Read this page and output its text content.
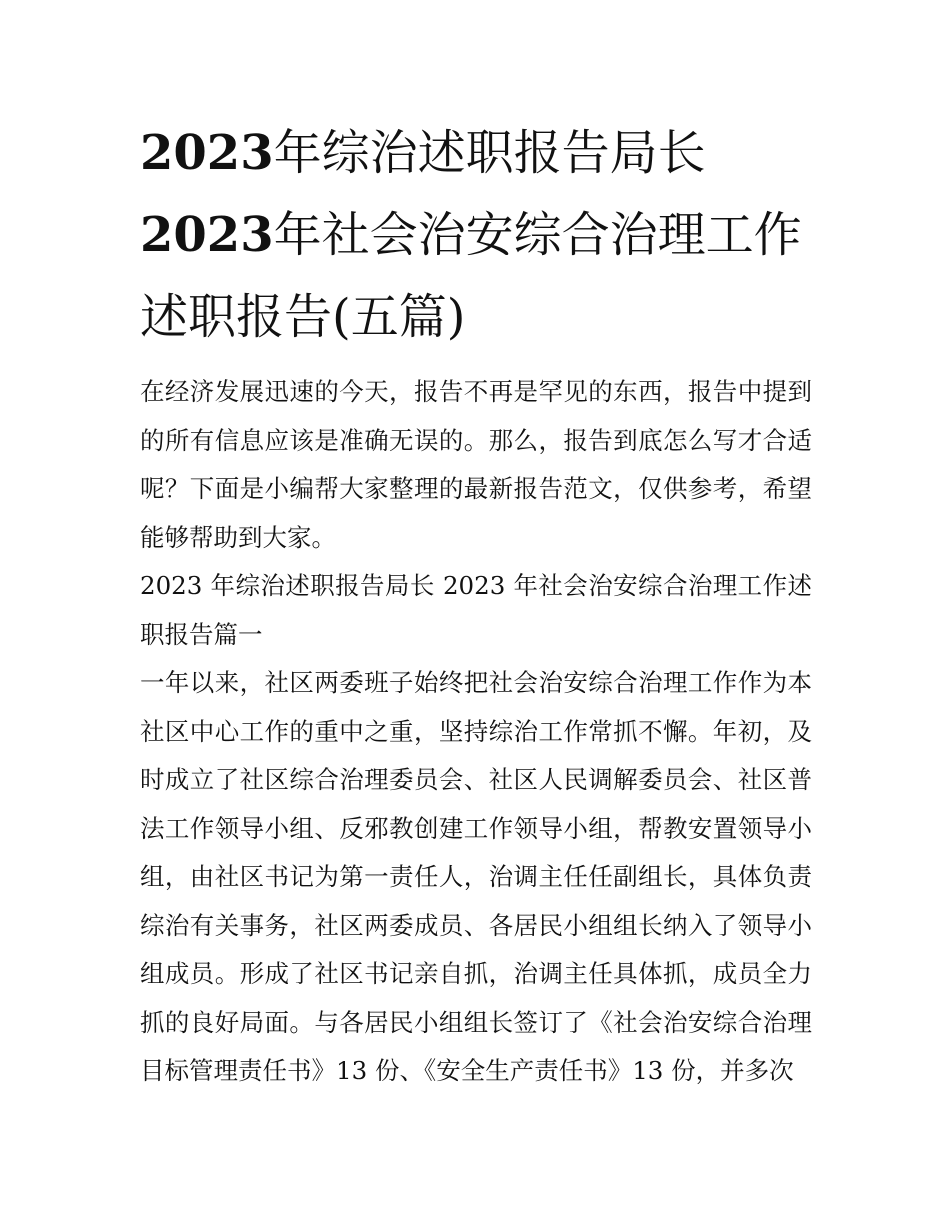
2023年综治述职报告局长
2023年社会治安综合治理工作
述职报告(五篇)

在经济发展迅速的今天，报告不再是罕见的东西，报告中提到的所有信息应该是准确无误的。那么，报告到底怎么写才合适呢？下面是小编帮大家整理的最新报告范文，仅供参考，希望能够帮助到大家。

2023 年综治述职报告局长 2023 年社会治安综合治理工作述职报告篇一

一年以来，社区两委班子始终把社会治安综合治理工作作为本社区中心工作的重中之重，坚持综治工作常抓不懈。年初，及时成立了社区综合治理委员会、社区人民调解委员会、社区普法工作领导小组、反邪教创建工作领导小组，帮教安置领导小组，由社区书记为第一责任人，治调主任任副组长，具体负责综治有关事务，社区两委成员、各居民小组组长纳入了领导小组成员。形成了社区书记亲自抓，治调主任具体抓，成员全力抓的良好局面。与各居民小组组长签订了《社会治安综合治理目标管理责任书》13 份、《安全生产责任书》13 份，并多次
